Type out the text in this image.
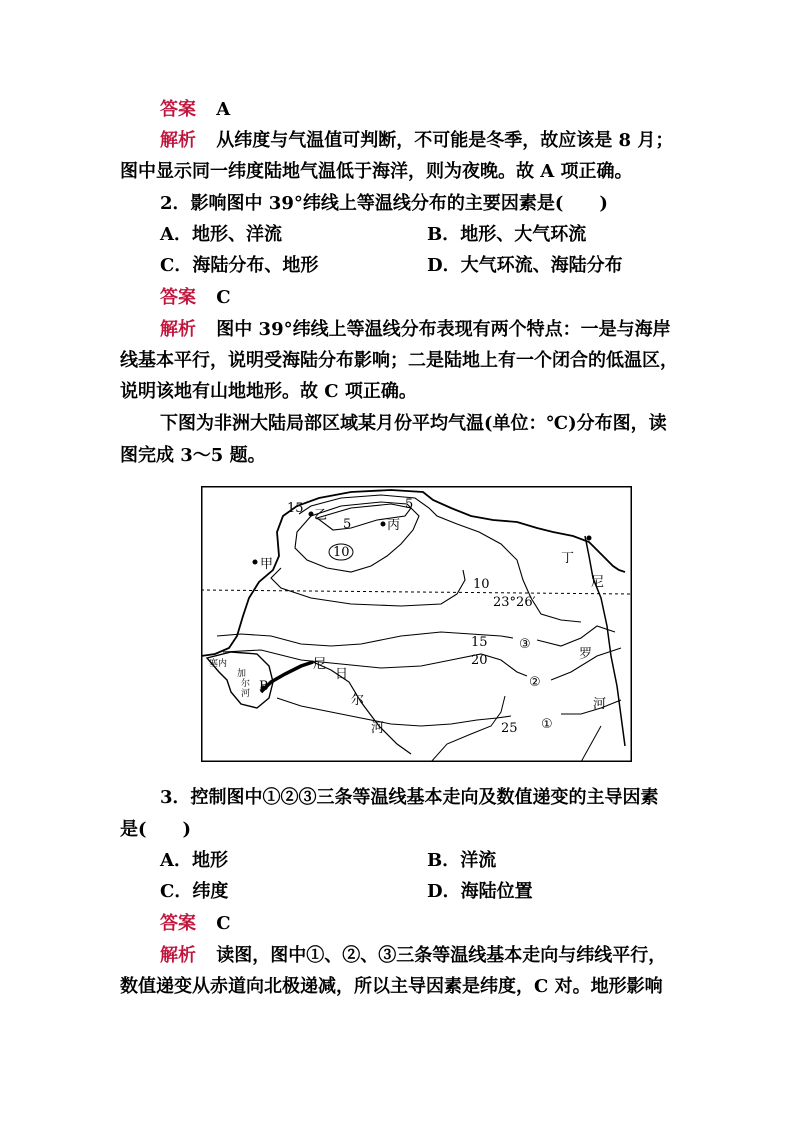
答案 A
解析 从纬度与气温值可判断，不可能是冬季，故应该是 8 月；
图中显示同一纬度陆地气温低于海洋，则为夜晚。故 A 项正确。
2．影响图中 39°纬线上等温线分布的主要因素是(　　)
A．地形、洋流	B．地形、大气环流
C．海陆分布、地形	D．大气环流、海陆分布
答案 C
解析 图中 39°纬线上等温线分布表现有两个特点：一是与海岸
线基本平行，说明受海陆分布影响；二是陆地上有一个闭合的低温区，
说明该地有山地地形。故 C 项正确。
下图为非洲大陆局部区域某月份平均气温(单位：℃)分布图，读
图完成 3～5 题。
15 乙
5
5	丙
10
甲	丁
10	尼
23°26′
15 ③
20	罗
②
塞内
加
尔
河 B
尼
日
尔
河	25 ①
河
3．控制图中①②③三条等温线基本走向及数值递变的主导因素
是(　　)
A．地形	B．洋流
C．纬度	D．海陆位置
答案 C
解析 读图，图中①、②、③三条等温线基本走向与纬线平行，
数值递变从赤道向北极递减，所以主导因素是纬度，C 对。地形影响
